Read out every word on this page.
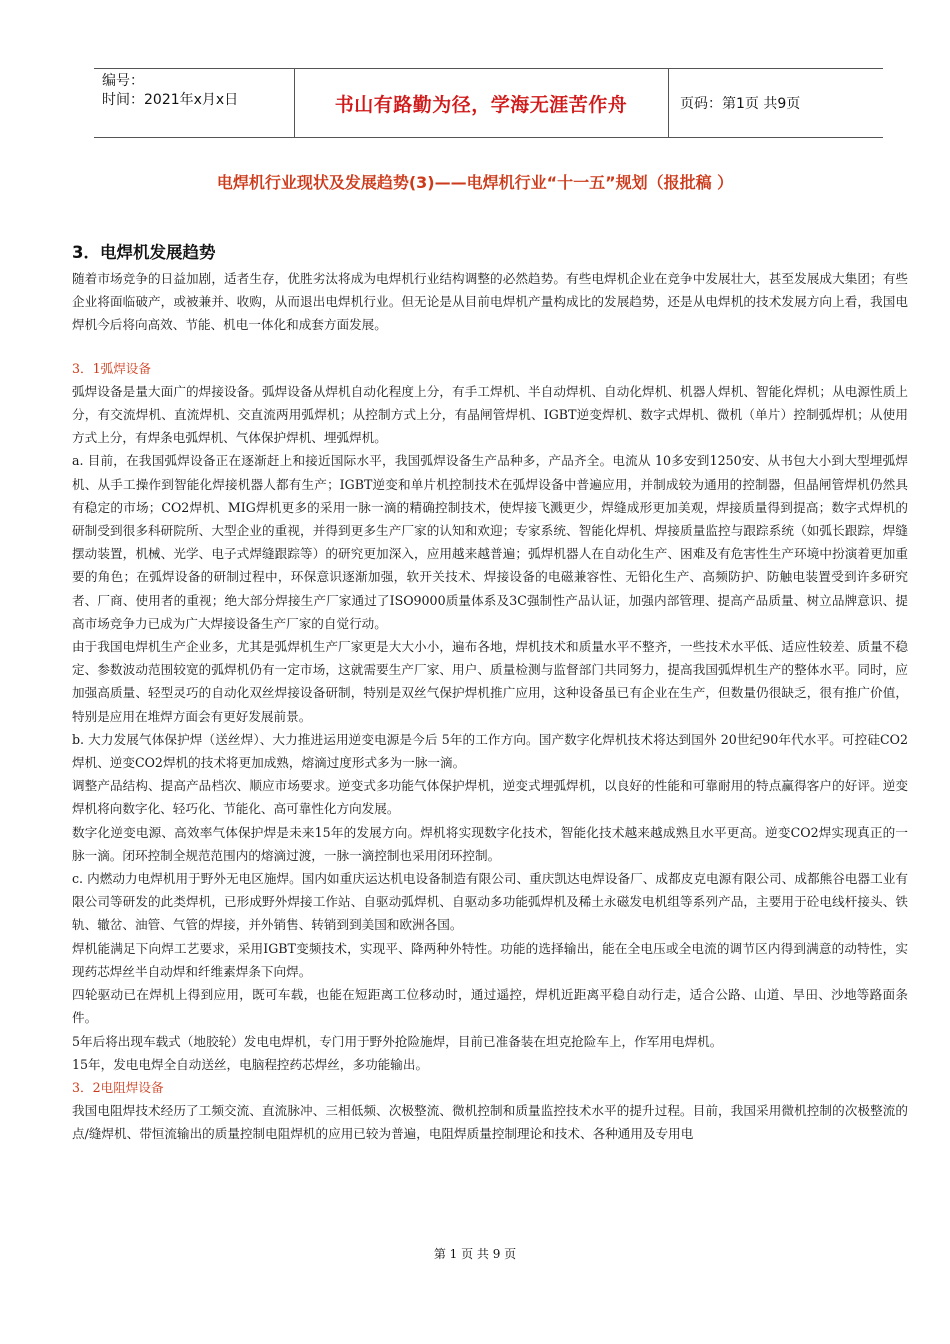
编号：
时间：2021年x月x日	书山有路勤为径，学海无涯苦作舟	页码：第1页 共9页
电焊机行业现状及发展趋势(3)——电焊机行业“十一五”规划（报批稿 ）
3．电焊机发展趋势

随着市场竞争的日益加剧，适者生存，优胜劣汰将成为电焊机行业结构调整的必然趋势。有些电焊机企业在竞争中发展壮大，甚至发展成大集团；有些企业将面临破产，或被兼并、收购，从而退出电焊机行业。但无论是从目前电焊机产量构成比的发展趋势，还是从电焊机的技术发展方向上看，我国电焊机今后将向高效、节能、机电一体化和成套方面发展。

3．1弧焊设备

弧焊设备是量大面广的焊接设备。弧焊设备从焊机自动化程度上分，有手工焊机、半自动焊机、自动化焊机、机器人焊机、智能化焊机；从电源性质上分，有交流焊机、直流焊机、交直流两用弧焊机；从控制方式上分，有晶闸管焊机、IGBT逆变焊机、数字式焊机、微机（单片）控制弧焊机；从使用方式上分，有焊条电弧焊机、气体保护焊机、埋弧焊机。

a. 目前，在我国弧焊设备正在逐渐赶上和接近国际水平，我国弧焊设备生产品种多，产品齐全。电流从 10多安到1250安、从书包大小到大型埋弧焊机、从手工操作到智能化焊接机器人都有生产；IGBT逆变和单片机控制技术在弧焊设备中普遍应用，并制成较为通用的控制器，但晶闸管焊机仍然具有稳定的市场；CO2焊机、MIG焊机更多的采用一脉一滴的精确控制技术，使焊接飞溅更少，焊缝成形更加美观，焊接质量得到提高；数字式焊机的研制受到很多科研院所、大型企业的重视，并得到更多生产厂家的认知和欢迎；专家系统、智能化焊机、焊接质量监控与跟踪系统（如弧长跟踪，焊缝摆动装置，机械、光学、电子式焊缝跟踪等）的研究更加深入，应用越来越普遍；弧焊机器人在自动化生产、困难及有危害性生产环境中扮演着更加重要的角色；在弧焊设备的研制过程中，环保意识逐渐加强，软开关技术、焊接设备的电磁兼容性、无铅化生产、高频防护、防触电装置受到许多研究者、厂商、使用者的重视；绝大部分焊接生产厂家通过了ISO9000质量体系及3C强制性产品认证，加强内部管理、提高产品质量、树立品牌意识、提高市场竞争力已成为广大焊接设备生产厂家的自觉行动。

由于我国电焊机生产企业多，尤其是弧焊机生产厂家更是大大小小，遍布各地，焊机技术和质量水平不整齐，一些技术水平低、适应性较差、质量不稳定、参数波动范围较宽的弧焊机仍有一定市场，这就需要生产厂家、用户、质量检测与监督部门共同努力，提高我国弧焊机生产的整体水平。同时，应加强高质量、轻型灵巧的自动化双丝焊接设备研制，特别是双丝气保护焊机推广应用，这种设备虽已有企业在生产，但数量仍很缺乏，很有推广价值，特别是应用在堆焊方面会有更好发展前景。

b. 大力发展气体保护焊（送丝焊）、大力推进运用逆变电源是今后 5年的工作方向。国产数字化焊机技术将达到国外 20世纪90年代水平。可控硅CO2焊机、逆变CO2焊机的技术将更加成熟，熔滴过度形式多为一脉一滴。

调整产品结构、提高产品档次、顺应市场要求。逆变式多功能气体保护焊机，逆变式埋弧焊机，以良好的性能和可靠耐用的特点赢得客户的好评。逆变焊机将向数字化、轻巧化、节能化、高可靠性化方向发展。

数字化逆变电源、高效率气体保护焊是未来15年的发展方向。焊机将实现数字化技术，智能化技术越来越成熟且水平更高。逆变CO2焊实现真正的一脉一滴。闭环控制全规范范围内的熔滴过渡，一脉一滴控制也采用闭环控制。

c. 内燃动力电焊机用于野外无电区施焊。国内如重庆运达机电设备制造有限公司、重庆凯达电焊设备厂、成都皮克电源有限公司、成都熊谷电器工业有限公司等研发的此类焊机，已形成野外焊接工作站、自驱动弧焊机、自驱动多功能弧焊机及稀土永磁发电机组等系列产品，主要用于砼电线杆接头、铁轨、辙岔、油管、气管的焊接，并外销售、转销到到美国和欧洲各国。

焊机能满足下向焊工艺要求，采用IGBT变频技术，实现平、降两种外特性。功能的选择输出，能在全电压或全电流的调节区内得到满意的动特性，实现药芯焊丝半自动焊和纤维素焊条下向焊。

四轮驱动已在焊机上得到应用，既可车载，也能在短距离工位移动时，通过遥控，焊机近距离平稳自动行走，适合公路、山道、旱田、沙地等路面条件。

5年后将出现车载式（地胶轮）发电电焊机，专门用于野外抢险施焊，目前已准备装在坦克抢险车上，作军用电焊机。

15年，发电电焊全自动送丝，电脑程控药芯焊丝，多功能输出。

3．2电阻焊设备

我国电阻焊技术经历了工频交流、直流脉冲、三相低频、次极整流、微机控制和质量监控技术水平的提升过程。目前，我国采用微机控制的次极整流的点/缝焊机、带恒流输出的质量控制电阻焊机的应用已较为普遍，电阻焊质量控制理论和技术、各种通用及专用电

第 1 页 共 9 页
